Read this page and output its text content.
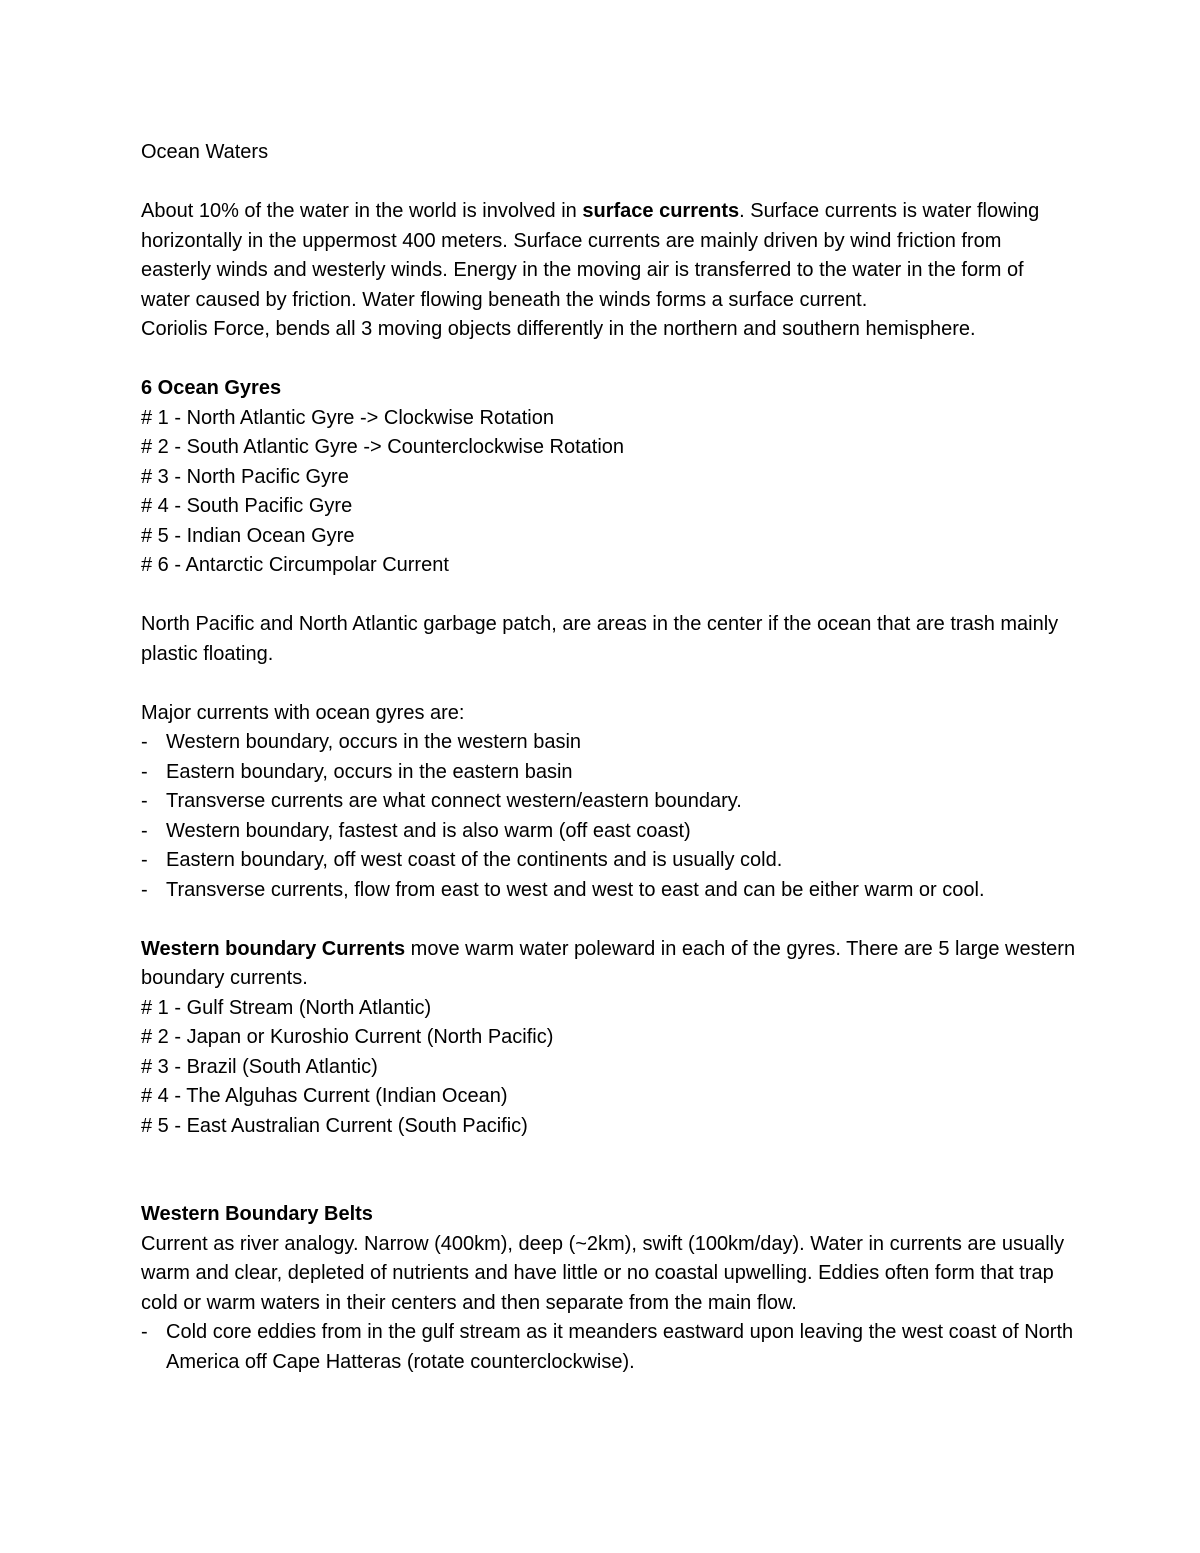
Ocean Waters

About 10% of the water in the world is involved in surface currents. Surface currents is water flowing horizontally in the uppermost 400 meters. Surface currents are mainly driven by wind friction from easterly winds and westerly winds. Energy in the moving air is transferred to the water in the form of water caused by friction. Water flowing beneath the winds forms a surface current.

Coriolis Force, bends all 3 moving objects differently in the northern and southern hemisphere.

6 Ocean Gyres

# 1 - North Atlantic Gyre -> Clockwise Rotation

# 2 - South Atlantic Gyre -> Counterclockwise Rotation

# 3 - North Pacific Gyre

# 4 - South Pacific Gyre

# 5 - Indian Ocean Gyre

# 6 - Antarctic Circumpolar Current

North Pacific and North Atlantic garbage patch, are areas in the center if the ocean that are trash mainly plastic floating.

Major currents with ocean gyres are:

- Western boundary, occurs in the western basin
- Eastern boundary, occurs in the eastern basin
- Transverse currents are what connect western/eastern boundary.
- Western boundary, fastest and is also warm (off east coast)
- Eastern boundary, off west coast of the continents and is usually cold.
- Transverse currents, flow from east to west and west to east and can be either warm or cool.

Western boundary Currents move warm water poleward in each of the gyres. There are 5 large western boundary currents.

# 1 - Gulf Stream (North Atlantic)

# 2 - Japan or Kuroshio Current (North Pacific)

# 3 - Brazil (South Atlantic)

# 4 - The Alguhas Current (Indian Ocean)

# 5 - East Australian Current (South Pacific)

Western Boundary Belts

Current as river analogy. Narrow (400km), deep (~2km), swift (100km/day). Water in currents are usually warm and clear, depleted of nutrients and have little or no coastal upwelling. Eddies often form that trap cold or warm waters in their centers and then separate from the main flow.

- Cold core eddies from in the gulf stream as it meanders eastward upon leaving the west coast of North America off Cape Hatteras (rotate counterclockwise).
